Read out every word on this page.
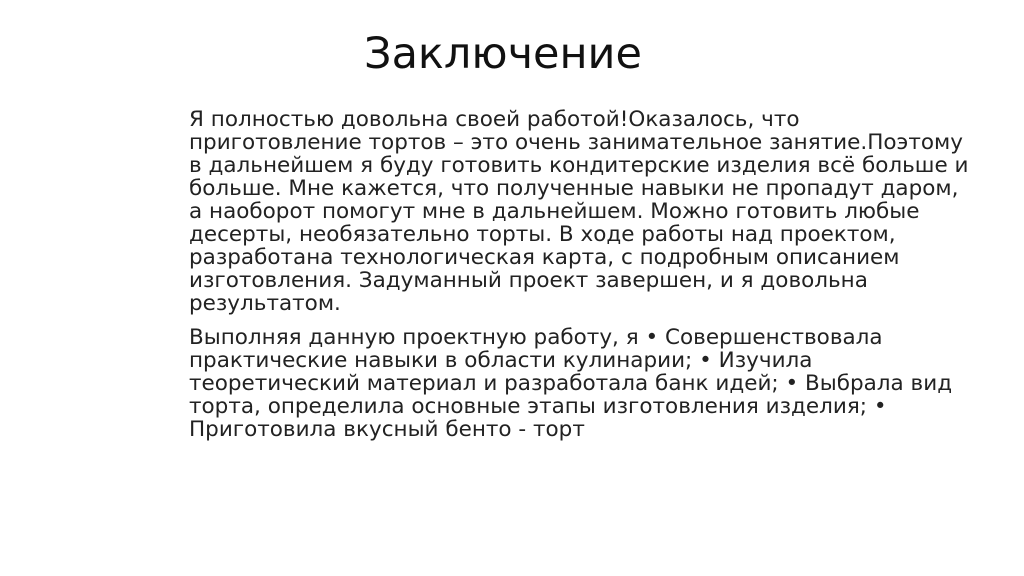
Заключение

Я полностью довольна своей работой!Оказалось, что
приготовление тортов – это очень занимательное занятие.Поэтому
в дальнейшем я буду готовить кондитерские изделия всё больше и
больше. Мне кажется, что полученные навыки не пропадут даром,
а наоборот помогут мне в дальнейшем. Можно готовить любые
десерты, необязательно торты. В ходе работы над проектом,
разработана технологическая карта, с подробным описанием
изготовления. Задуманный проект завершен, и я довольна
результатом.

Выполняя данную проектную работу, я • Совершенствовала
практические навыки в области кулинарии; • Изучила
теоретический материал и разработала банк идей; • Выбрала вид
торта, определила основные этапы изготовления изделия; •
Приготовила вкусный бенто - торт
